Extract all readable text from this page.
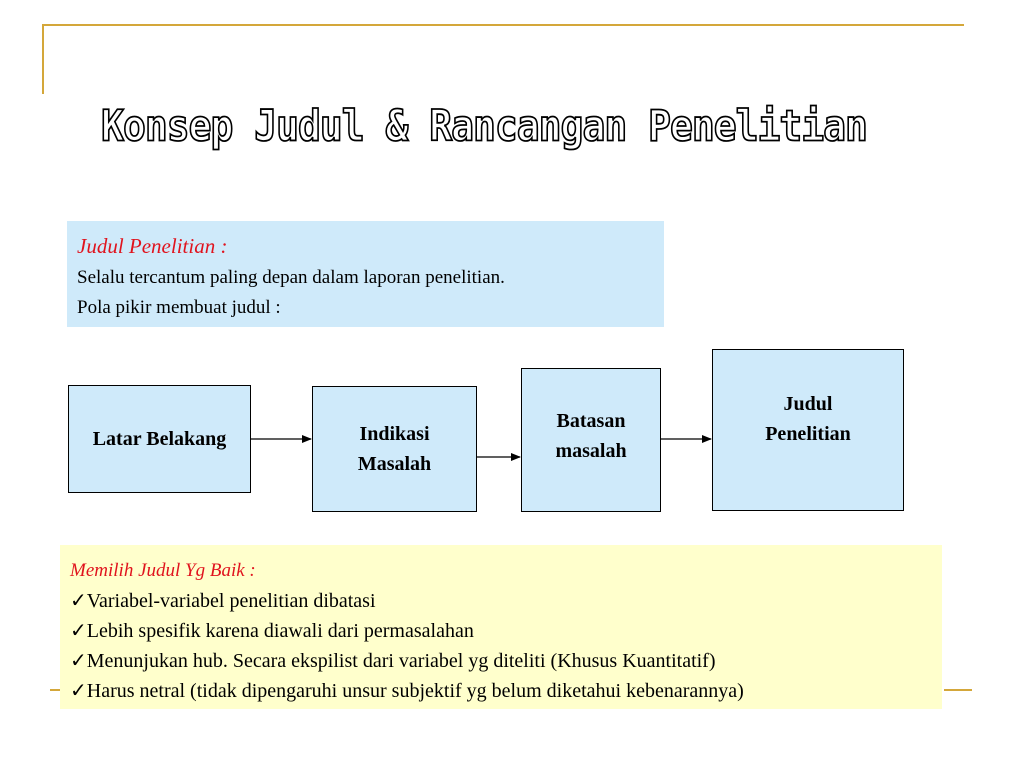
Konsep Judul & Rancangan Penelitian
Judul Penelitian :
Selalu tercantum paling depan dalam laporan penelitian.
Pola pikir membuat judul :
Latar Belakang	Indikasi
Masalah
Batasan
masalah
Judul
Penelitian
Memilih Judul Yg Baik :
✓Variabel-variabel penelitian dibatasi
✓Lebih spesifik karena diawali dari permasalahan
✓Menunjukan hub. Secara ekspilist dari variabel yg diteliti (Khusus Kuantitatif)
✓Harus netral (tidak dipengaruhi unsur subjektif yg belum diketahui kebenarannya)
